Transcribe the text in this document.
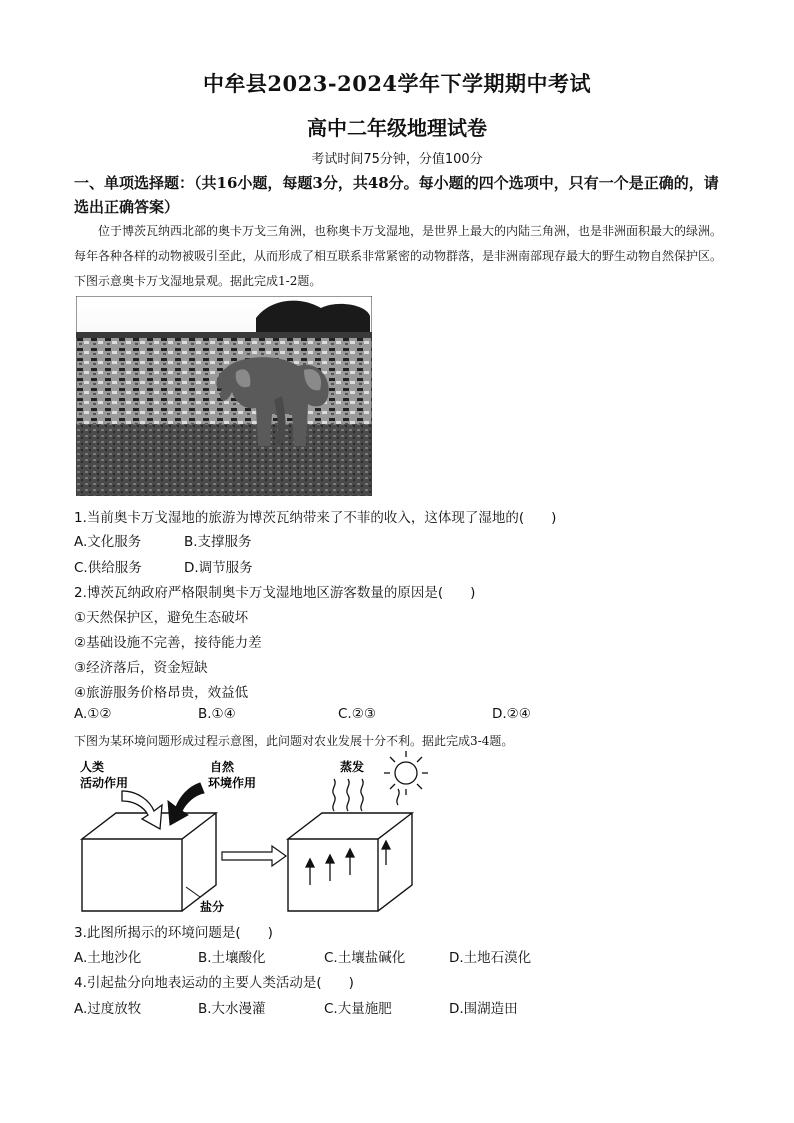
中牟县2023-2024学年下学期期中考试
高中二年级地理试卷
考试时间75分钟，分值100分
一、单项选择题：（共16小题，每题3分，共48分。每小题的四个选项中，只有一个是正确的，请选出正确答案）
位于博茨瓦纳西北部的奥卡万戈三角洲，也称奥卡万戈湿地，是世界上最大的内陆三角洲，也是非洲面积最大的绿洲。每年各种各样的动物被吸引至此，从而形成了相互联系非常紧密的动物群落，是非洲南部现存最大的野生动物自然保护区。下图示意奥卡万戈湿地景观。据此完成1-2题。
1.当前奥卡万戈湿地的旅游为博茨瓦纳带来了不菲的收入，这体现了湿地的(　　)
A.文化服务	B.支撑服务
C.供给服务	D.调节服务
2.博茨瓦纳政府严格限制奥卡万戈湿地地区游客数量的原因是(　　)
①天然保护区，避免生态破坏
②基础设施不完善，接待能力差
③经济落后，资金短缺
④旅游服务价格昂贵，效益低
A.①②	B.①④	C.②③	D.②④
下图为某环境问题形成过程示意图，此问题对农业发展十分不利。据此完成3-4题。
人类
活动作用
自然
环境作用
盐分
蒸发
3.此图所揭示的环境问题是(　　)
A.土地沙化	B.土壤酸化	C.土壤盐碱化	D.土地石漠化
4.引起盐分向地表运动的主要人类活动是(　　)
A.过度放牧	B.大水漫灌	C.大量施肥	D.围湖造田
